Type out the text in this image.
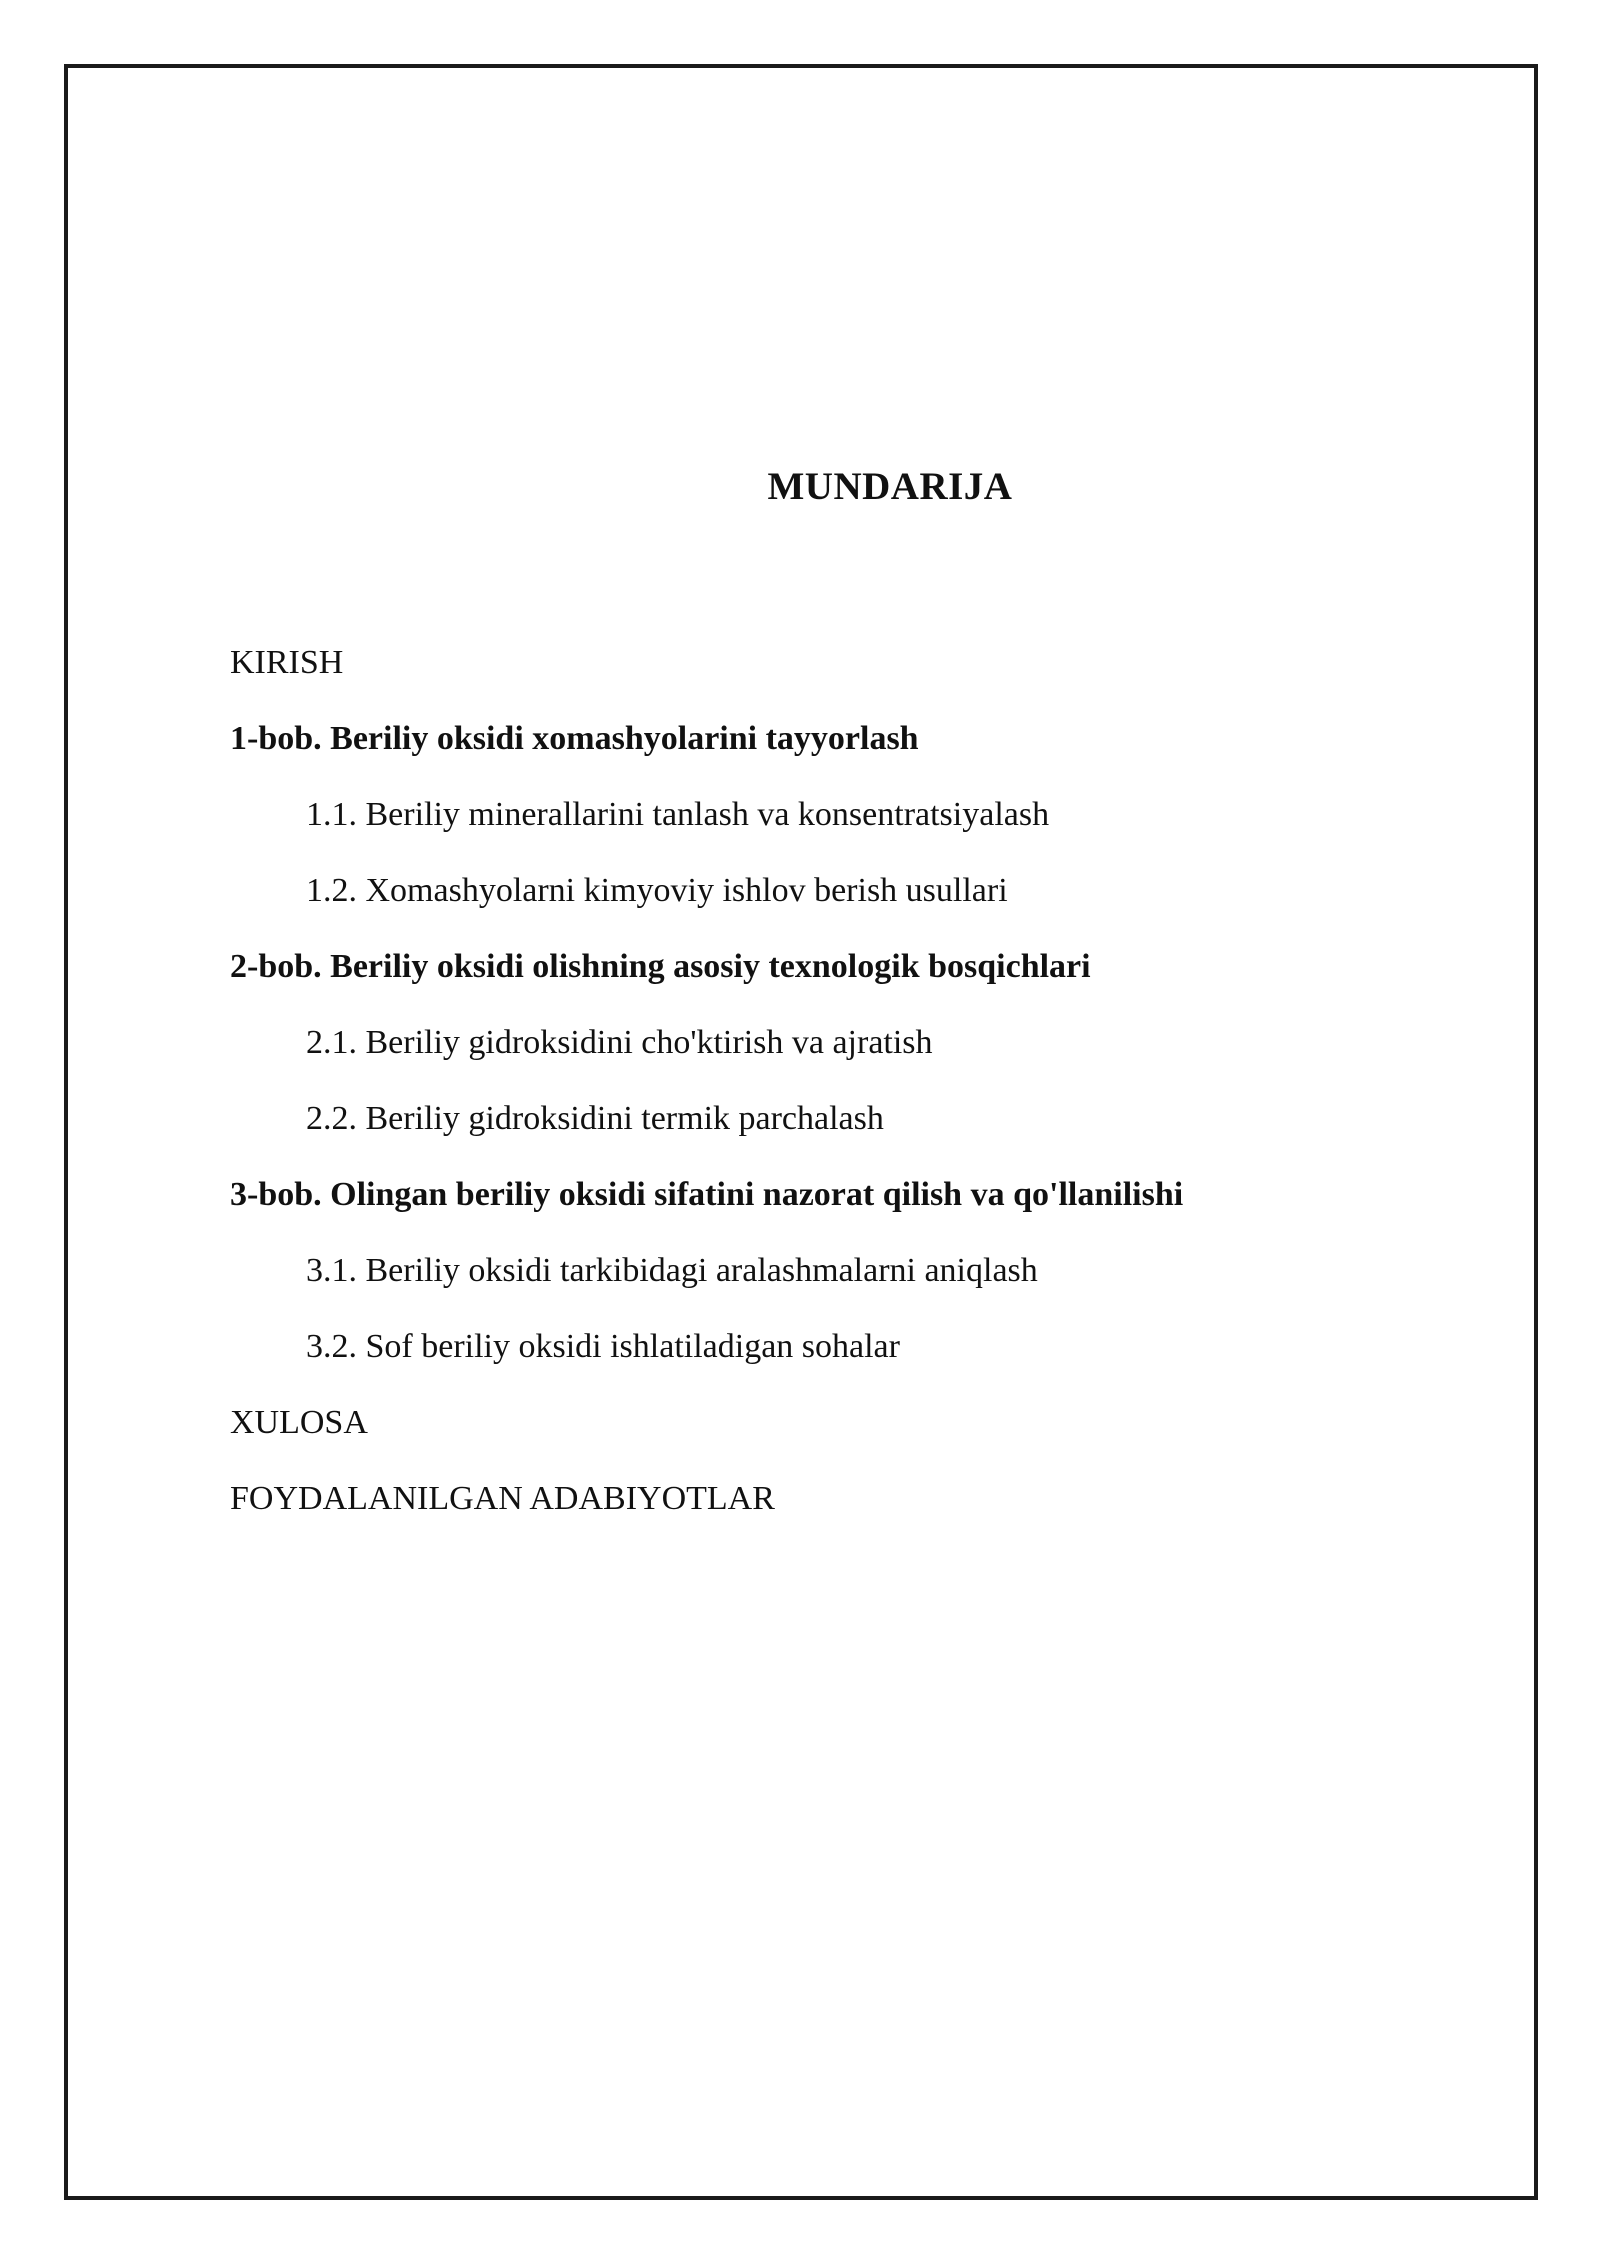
MUNDARIJA
KIRISH
1-bob. Beriliy oksidi xomashyolarini tayyorlash
1.1. Beriliy minerallarini tanlash va konsentratsiyalash
1.2. Xomashyolarni kimyoviy ishlov berish usullari
2-bob. Beriliy oksidi olishning asosiy texnologik bosqichlari
2.1. Beriliy gidroksidini cho'ktirish va ajratish
2.2. Beriliy gidroksidini termik parchalash
3-bob. Olingan beriliy oksidi sifatini nazorat qilish va qo'llanilishi
3.1. Beriliy oksidi tarkibidagi aralashmalarni aniqlash
3.2. Sof beriliy oksidi ishlatiladigan sohalar
XULOSA
FOYDALANILGAN ADABIYOTLAR
